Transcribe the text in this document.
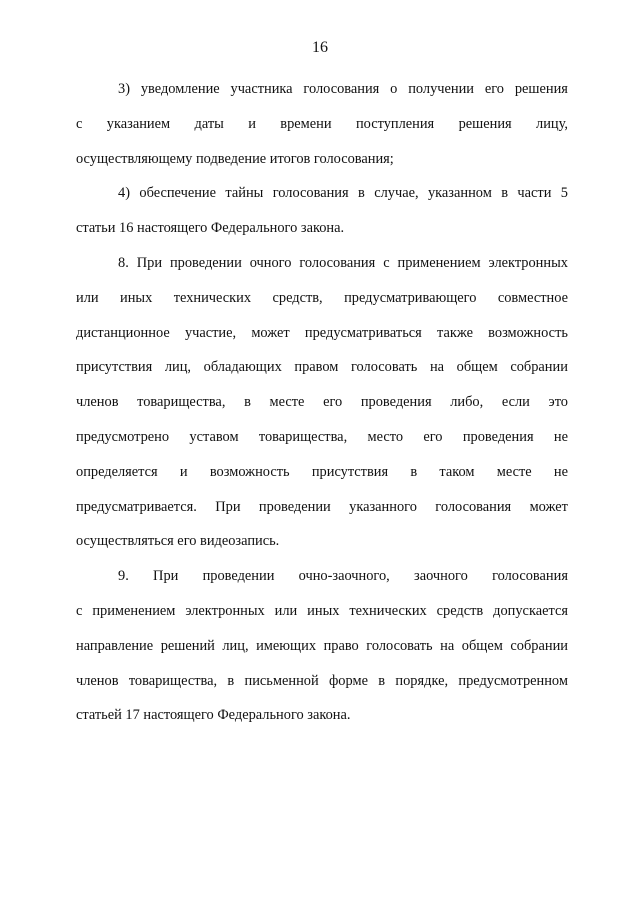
16
3) уведомление участника голосования о получении его решения
с указанием даты и времени поступления решения лицу,
осуществляющему подведение итогов голосования;
4) обеспечение тайны голосования в случае, указанном в части 5
статьи 16 настоящего Федерального закона.
8. При проведении очного голосования с применением электронных
или иных технических средств, предусматривающего совместное
дистанционное участие, может предусматриваться также возможность
присутствия лиц, обладающих правом голосовать на общем собрании
членов товарищества, в месте его проведения либо, если это
предусмотрено уставом товарищества, место его проведения не
определяется и возможность присутствия в таком месте не
предусматривается. При проведении указанного голосования может
осуществляться его видеозапись.
9. При проведении очно-заочного, заочного голосования
с применением электронных или иных технических средств допускается
направление решений лиц, имеющих право голосовать на общем собрании
членов товарищества, в письменной форме в порядке, предусмотренном
статьей 17 настоящего Федерального закона.
